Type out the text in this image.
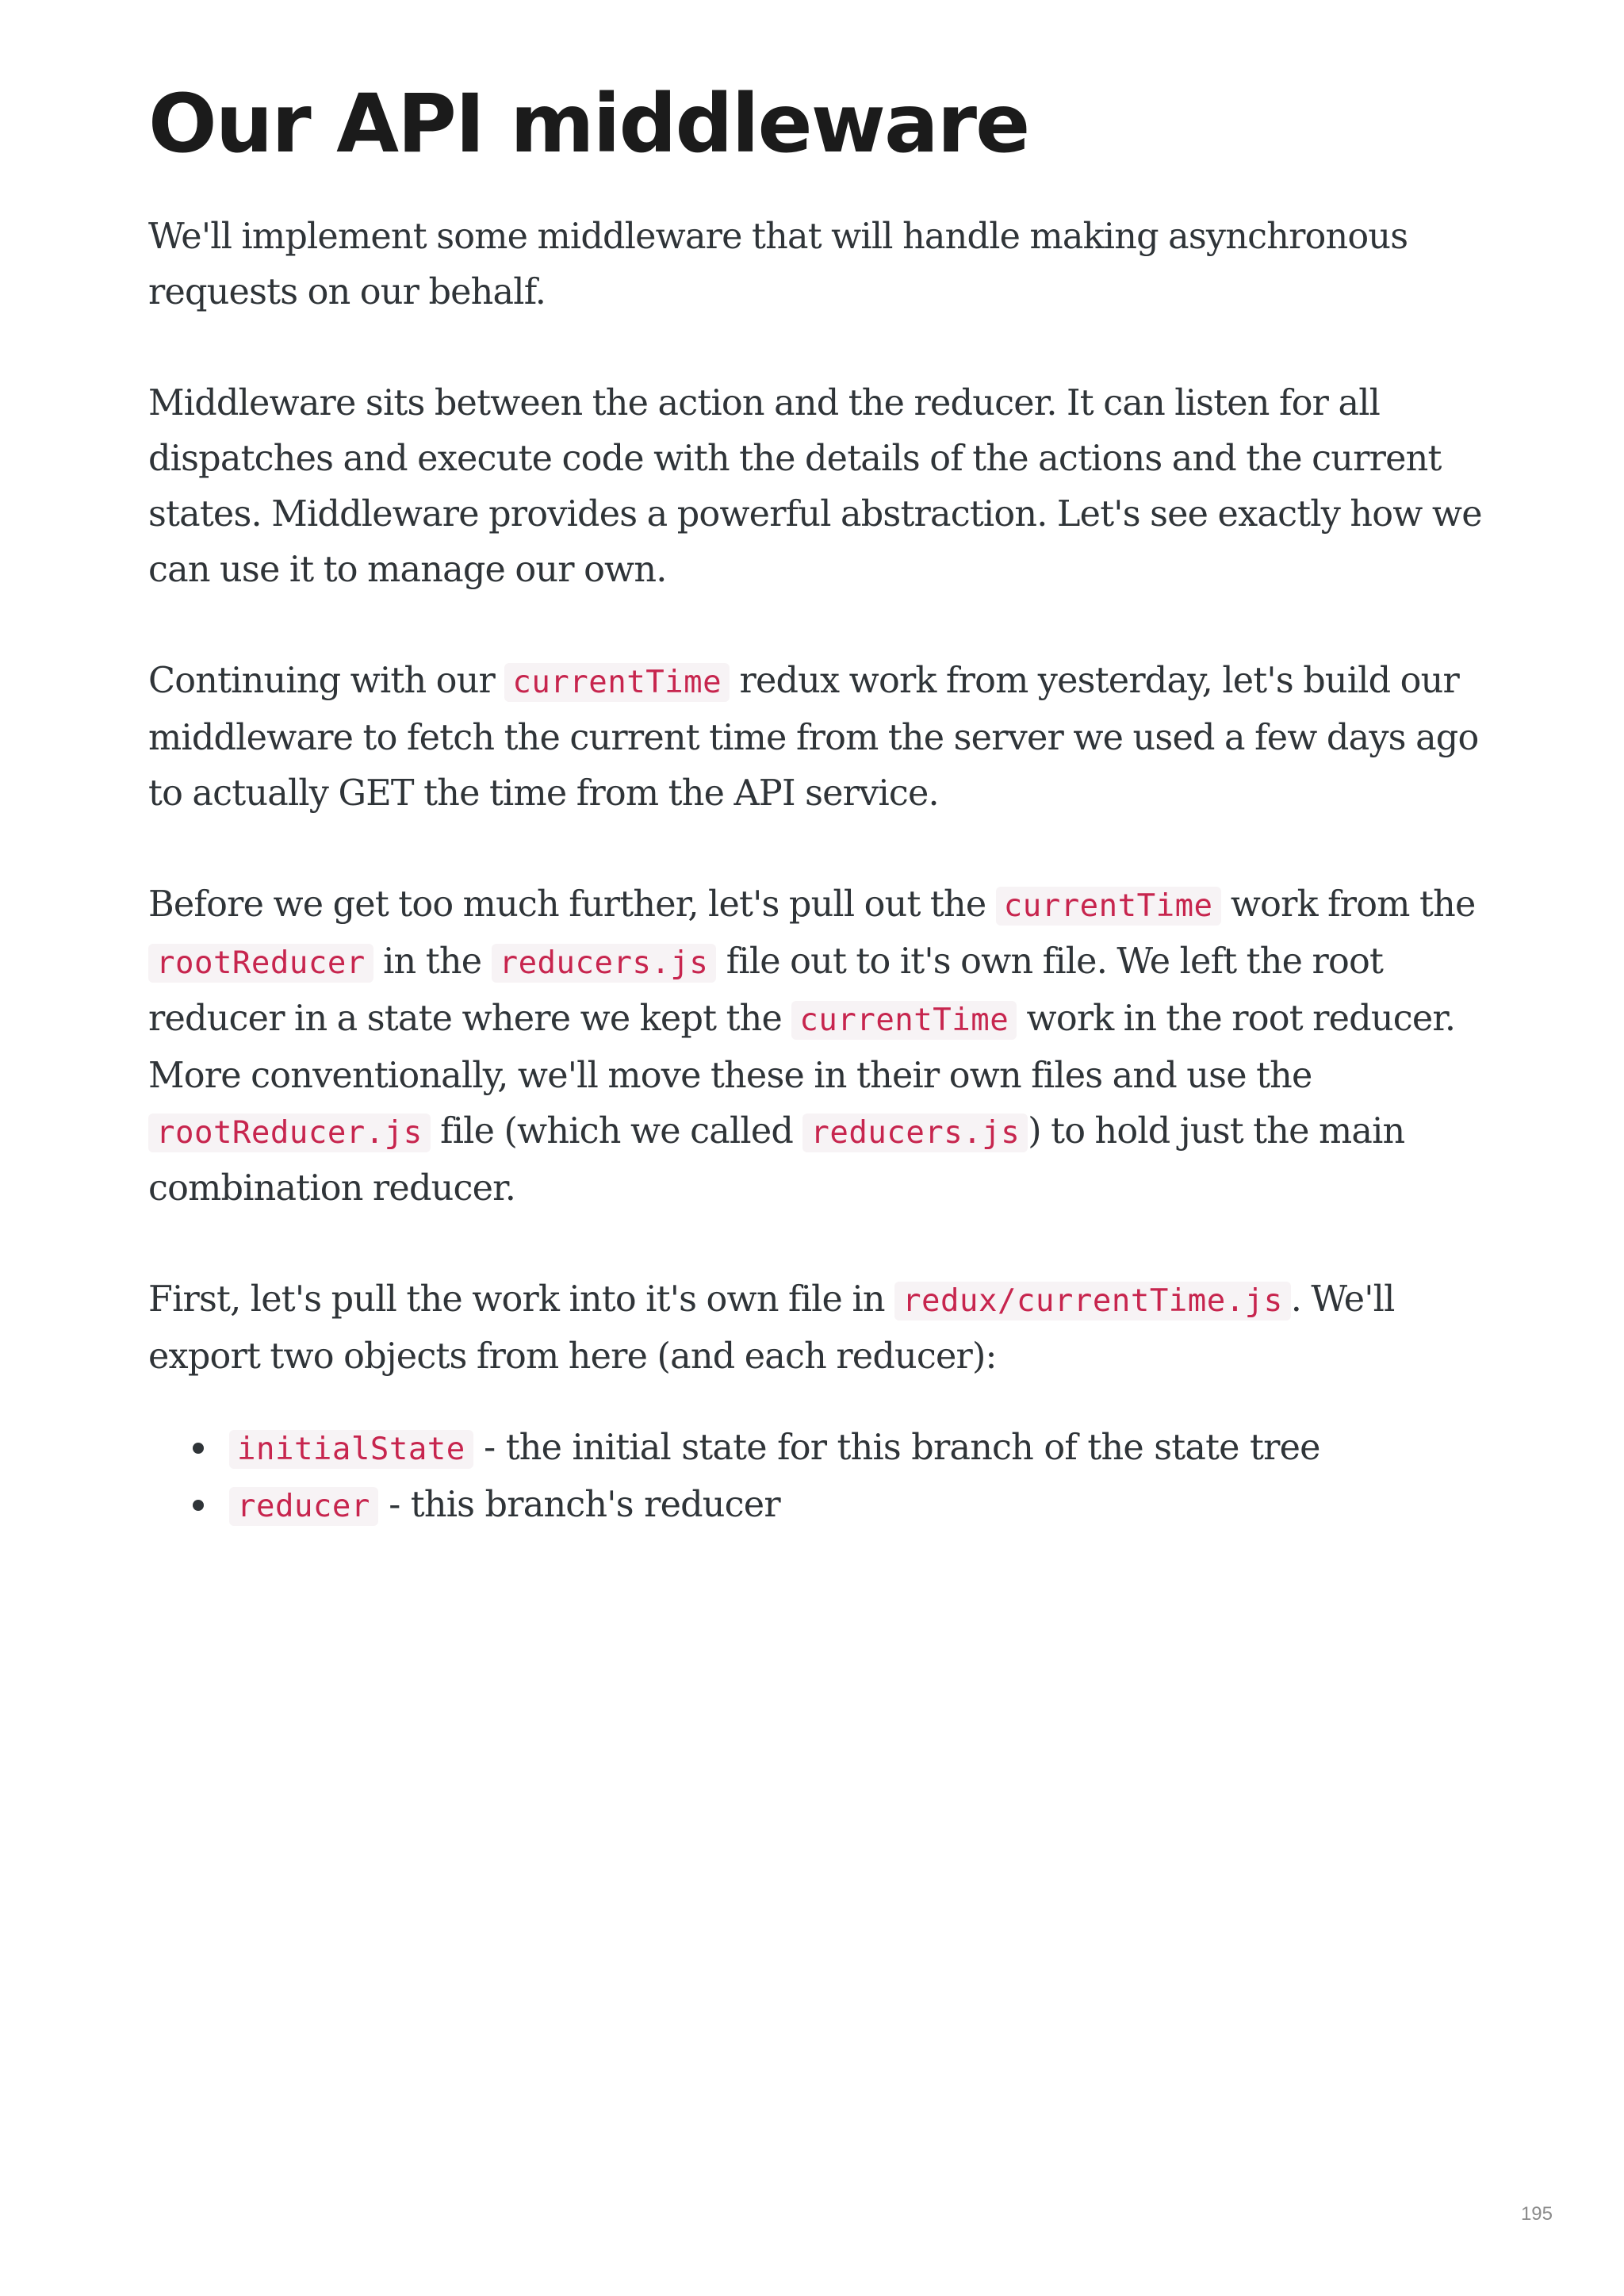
Our API middleware

We'll implement some middleware that will handle making asynchronous
requests on our behalf.

Middleware sits between the action and the reducer. It can listen for all
dispatches and execute code with the details of the actions and the current
states. Middleware provides a powerful abstraction. Let's see exactly how we
can use it to manage our own.

Continuing with our currentTime redux work from yesterday, let's build our
middleware to fetch the current time from the server we used a few days ago
to actually GET the time from the API service.

Before we get too much further, let's pull out the currentTime work from the
rootReducer in the reducers.js file out to it's own file. We left the root
reducer in a state where we kept the currentTime work in the root reducer.
More conventionally, we'll move these in their own files and use the
rootReducer.js file (which we called reducers.js ) to hold just the main
combination reducer.

First, let's pull the work into it's own file in redux/currentTime.js . We'll
export two objects from here (and each reducer):

initialState - the initial state for this branch of the state tree
reducer - this branch's reducer
195
